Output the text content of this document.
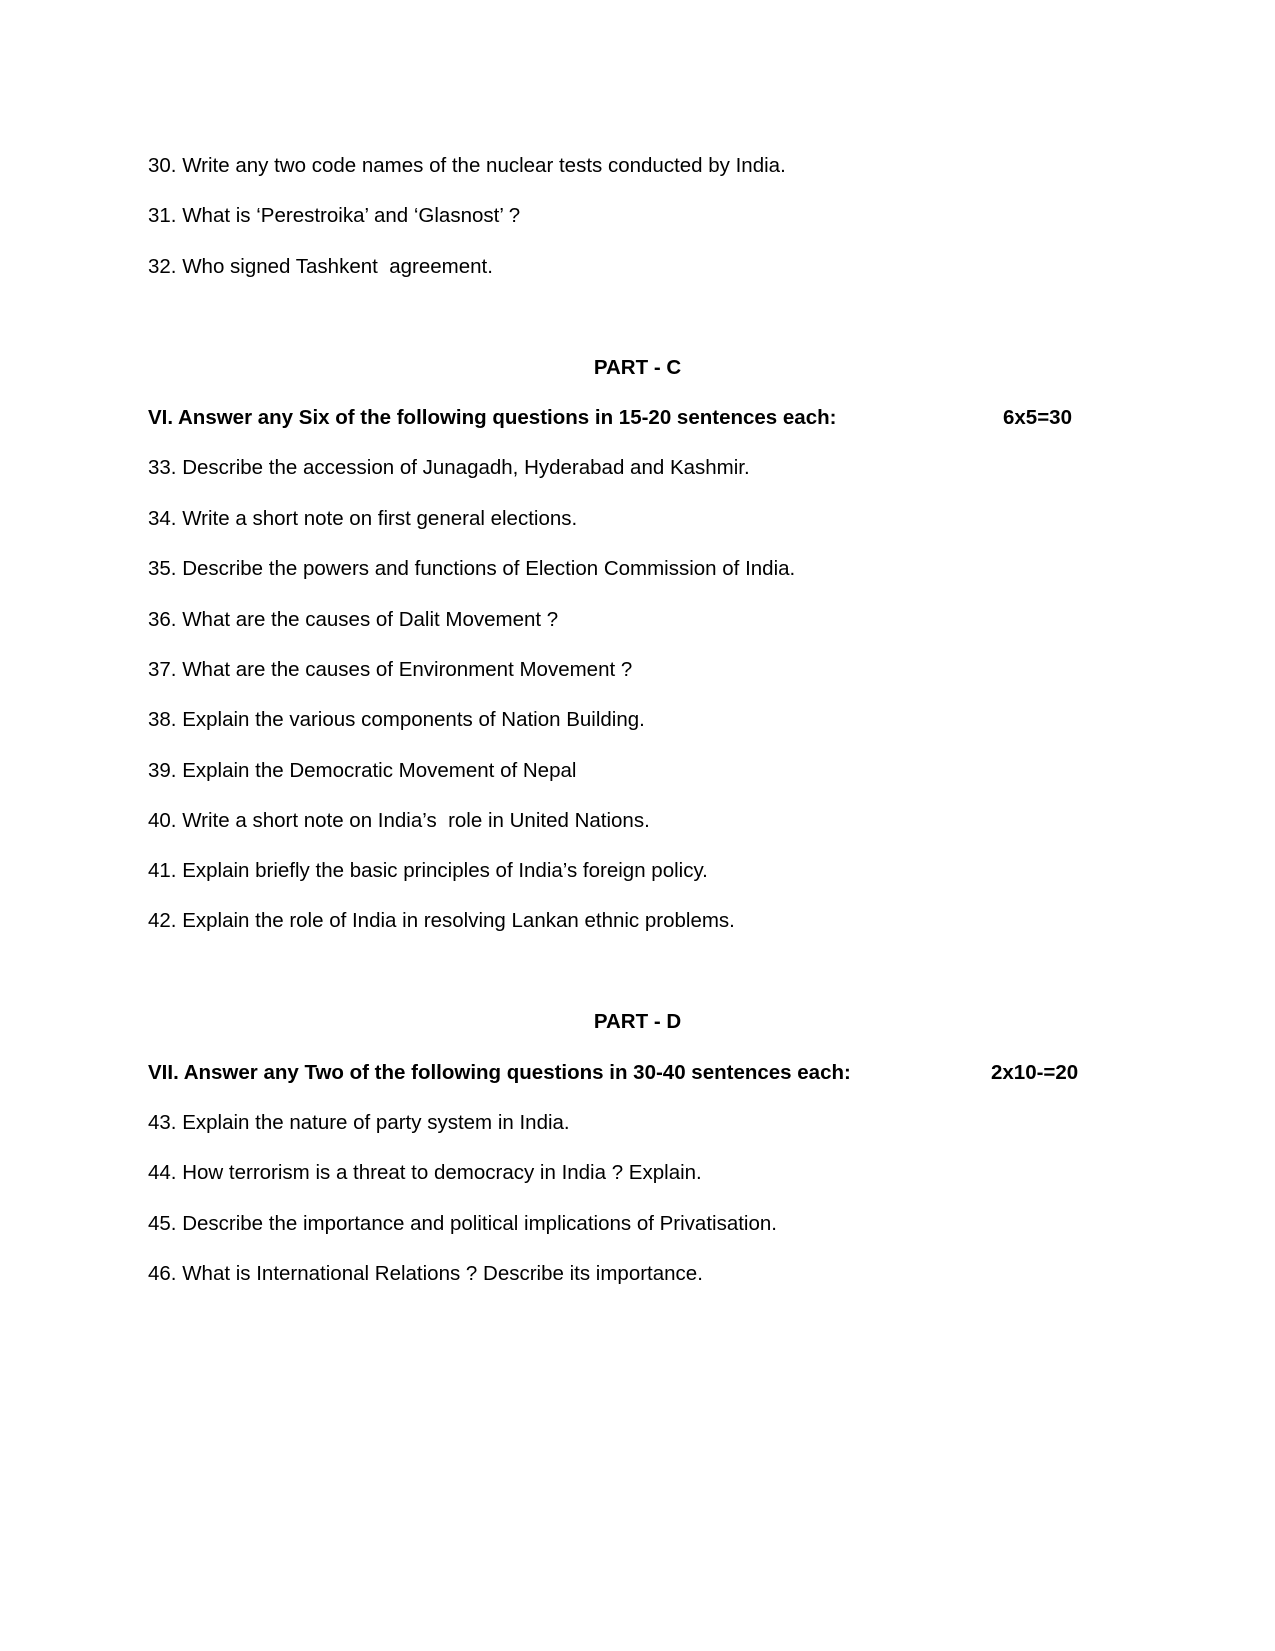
30. Write any two code names of the nuclear tests conducted by India.
31. What is ‘Perestroika’ and ‘Glasnost’ ?
32. Who signed Tashkent  agreement.
PART - C
VI. Answer any Six of the following questions in 15-20 sentences each:	6x5=30
33. Describe the accession of Junagadh, Hyderabad and Kashmir.
34. Write a short note on first general elections.
35. Describe the powers and functions of Election Commission of India.
36. What are the causes of Dalit Movement ?
37. What are the causes of Environment Movement ?
38. Explain the various components of Nation Building.
39. Explain the Democratic Movement of Nepal
40. Write a short note on India’s  role in United Nations.
41. Explain briefly the basic principles of India’s foreign policy.
42. Explain the role of India in resolving Lankan ethnic problems.
PART - D
VII. Answer any Two of the following questions in 30-40 sentences each:	2x10-=20
43. Explain the nature of party system in India.
44. How terrorism is a threat to democracy in India ? Explain.
45. Describe the importance and political implications of Privatisation.
46. What is International Relations ? Describe its importance.
